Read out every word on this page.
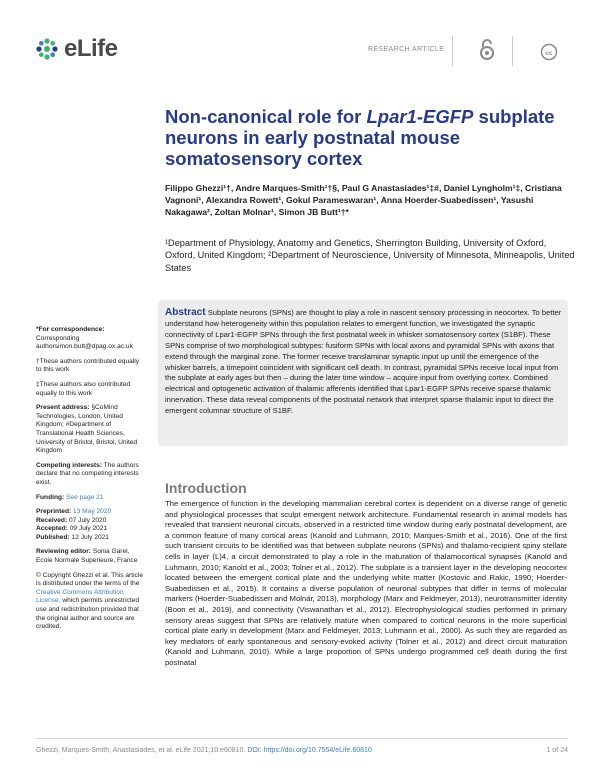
eLife	RESEARCH ARTICLE
cc
Non-canonical role for Lpar1-EGFP subplate neurons in early postnatal mouse somatosensory cortex
Filippo Ghezzi¹†, Andre Marques-Smith¹†§, Paul G Anastasiades¹‡#, Daniel Lyngholm¹‡, Cristiana Vagnoni¹, Alexandra Rowett¹, Gokul Parameswaran¹, Anna Hoerder-Suabedissen¹, Yasushi Nakagawa², Zoltan Molnar¹, Simon JB Butt¹†*
¹Department of Physiology, Anatomy and Genetics, Sherrington Building, University of Oxford, Oxford, United Kingdom; ²Department of Neuroscience, University of Minnesota, Minneapolis, United States
Abstract Subplate neurons (SPNs) are thought to play a role in nascent sensory processing in neocortex. To better understand how heterogeneity within this population relates to emergent function, we investigated the synaptic connectivity of Lpar1-EGFP SPNs through the first postnatal week in whisker somatosensory cortex (S1BF). These SPNs comprise of two morphological subtypes: fusiform SPNs with local axons and pyramidal SPNs with axons that extend through the marginal zone. The former receive translaminar synaptic input up until the emergence of the whisker barrels, a timepoint coincident with significant cell death. In contrast, pyramidal SPNs receive local input from the subplate at early ages but then – during the later time window – acquire input from overlying cortex. Combined electrical and optogenetic activation of thalamic afferents identified that Lpar1-EGFP SPNs receive sparse thalamic innervation. These data reveal components of the postnatal network that interpret sparse thalamic input to direct the emergent columnar structure of S1BF.
*For correspondence:
Corresponding authorsimon.butt@dpag.ox.ac.uk
†These authors contributed equally to this work
‡These authors also contributed equally to this work
Present address: §CoMind Technologies, London, United Kingdom; #Department of Translational Health Sciences, University of Bristol, Bristol, United Kingdom
Competing interests: The authors declare that no competing interests exist.
Funding: See page 21
Preprinted: 13 May 2020
Received: 07 July 2020
Accepted: 09 July 2021
Published: 12 July 2021
Reviewing editor: Sonia Garel, Ecole Normale Superieure, France
© Copyright Ghezzi et al. This article is distributed under the terms of the Creative Commons Attribution License, which permits unrestricted use and redistribution provided that the original author and source are credited.
Introduction
The emergence of function in the developing mammalian cerebral cortex is dependent on a diverse range of genetic and physiological processes that sculpt emergent network architecture. Fundamental research in animal models has revealed that transient neuronal circuits, observed in a restricted time window during early postnatal development, are a common feature of many cortical areas (Kanold and Luhmann, 2010; Marques-Smith et al., 2016). One of the first such transient circuits to be identified was that between subplate neurons (SPNs) and thalamo-recipient spiny stellate cells in layer (L)4, a circuit demonstrated to play a role in the maturation of thalamocortical synapses (Kanold and Luhmann, 2010; Kanold et al., 2003; Tolner et al., 2012). The subplate is a transient layer in the developing neocortex located between the emergent cortical plate and the underlying white matter (Kostovic and Rakic, 1990; Hoerder-Suabedissen et al., 2015). It contains a diverse population of neuronal subtypes that differ in terms of molecular markers (Hoerder-Suabedissen and Molnár, 2013), morphology (Marx and Feldmeyer, 2013), neurotransmitter identity (Boon et al., 2019), and connectivity (Viswanathan et al., 2012). Electrophysiological studies performed in primary sensory areas suggest that SPNs are relatively mature when compared to cortical neurons in the more superficial cortical plate early in development (Marx and Feldmeyer, 2013; Luhmann et al., 2000). As such they are regarded as key mediators of early spontaneous and sensory-evoked activity (Tolner et al., 2012) and direct circuit maturation (Kanold and Luhmann, 2010). While a large proportion of SPNs undergo programmed cell death during the first postnatal
Ghezzi, Marques-Smith, Anastasiades, et al. eLife 2021;10:e60810. DOI: https://doi.org/10.7554/eLife.60810	1 of 24
